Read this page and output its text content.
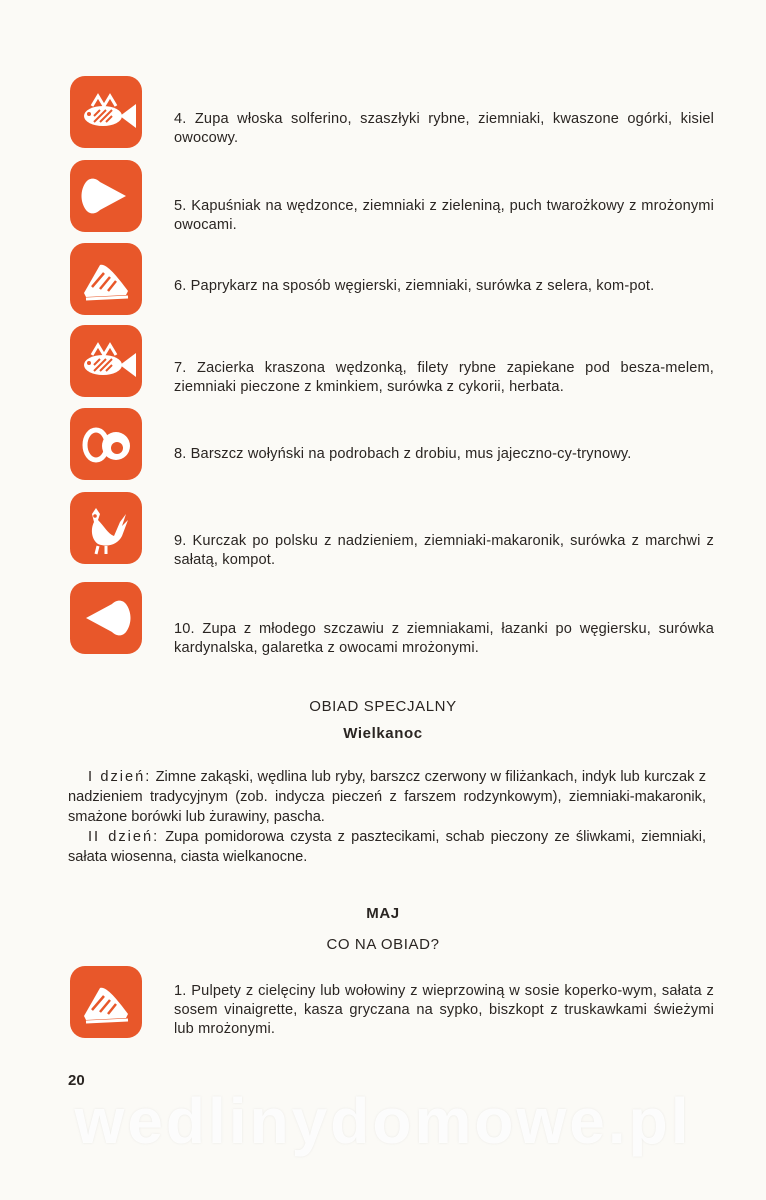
4. Zupa włoska solferino, szaszłyki rybne, ziemniaki, kwaszone ogórki, kisiel owocowy.
5. Kapuśniak na wędzonce, ziemniaki z zieleniną, puch twarożkowy z mrożonymi owocami.
6. Paprykarz na sposób węgierski, ziemniaki, surówka z selera, kom-pot.
7. Zacierka kraszona wędzonką, filety rybne zapiekane pod besza-melem, ziemniaki pieczone z kminkiem, surówka z cykorii, herbata.
8. Barszcz wołyński na podrobach z drobiu, mus jajeczno-cy-trynowy.
9. Kurczak po polsku z nadzieniem, ziemniaki-makaronik, surówka z marchwi z sałatą, kompot.
10. Zupa z młodego szczawiu z ziemniakami, łazanki po węgiersku, surówka kardynalska, galaretka z owocami mrożonymi.
OBIAD SPECJALNY
Wielkanoc

I dzień: Zimne zakąski, wędlina lub ryby, barszcz czerwony w filiżankach, indyk lub kurczak z nadzieniem tradycyjnym (zob. indycza pieczeń z farszem rodzynkowym), ziemniaki-makaronik, smażone borówki lub żurawiny, pascha.

II dzień: Zupa pomidorowa czysta z pasztecikami, schab pieczony ze śliwkami, ziemniaki, sałata wiosenna, ciasta wielkanocne.

MAJ
CO NA OBIAD?
1. Pulpety z cielęciny lub wołowiny z wieprzowiną w sosie koperko-wym, sałata z sosem vinaigrette, kasza gryczana na sypko, biszkopt z truskawkami świeżymi lub mrożonymi.
20
wedlinydomowe.pl
